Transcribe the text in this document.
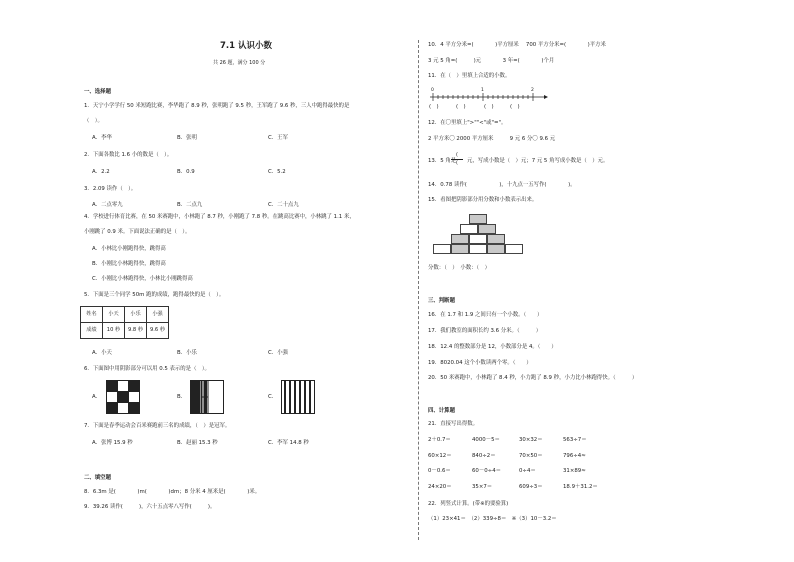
7.1 认识小数
共 26 题，满分 100 分
一、选择题
1．天宁小学学行 50 米短跑比赛，李华跑了 8.9 秒，张明跑了 9.5 秒，王军跑了 9.6 秒，三人中跑得最快的是
（　）。
A．李华	B．张明	C．王军
2．下面各数比 1.6 小的数是（　）。
A．2.2	B．0.9	C．5.2
3．2.09 读作（　）。
A．二点零九	B．二点九	C．二十点九
4．学校进行体育比赛，在 50 米赛跑中，小林跑了 8.7 秒，小刚跑了 7.8 秒。在跳高比赛中，小林跳了 1.1 米，
小刚跳了 0.9 米。下面说法正确的是（　）。
A．小林比小刚跑得快，跳得高
B．小刚比小林跑得快，跳得高
C．小刚比小林跑得快，小林比小刚跳得高
5．下面是三个同学 50m 跑的成绩，跑得最快的是（　）。
姓名	小天	小乐	小强
成绩	10 秒	9.8 秒	9.6 秒
A．小天	B．小乐	C．小强
6．下面图中用阴影部分可以用 0.5 表示的是（　）。
A．	B．	C．
7．下面是春季运动会百米赛跑前三名的成绩，（　）是冠军。
A．张博 15.9 秒	B．赵丽 15.3 秒	C．李军 14.8 秒
二、填空题
8．6.3m 是(　　　　)m(　　　　)dm；8 分米 4 厘米是(　　　　)米。
9．39.26 读作(　　　)，六十五点零八写作(　　　)。
10．4 平方分米=(　　　　)平方厘米　 700 平方分米=(　　　　)平方米
3 元 5 角=(　　　)元　　　　3 年=(　　　　)个月
11．在（　）里填上合适的小数。
0	1	2
(　)	(　)	(　)	(　)
12．在〇里填上">""<"或"="。
2 平方米〇 2000 平方厘米　　　9 元 6 分〇 9.6 元
13．5 角是
(
(	元，写成小数是（　）元；7 元 5 角写成小数是（　）元。
14．0.78 读作(　　　　　　)，十九点一五写作(　　　　)。
15．看图把阴影部分用分数和小数表示出来。
分数：（　）　小数：（　）
三、判断题
16．在 1.7 和 1.9 之间只有一个小数。（　　）
17．我们教室的面积长约 3.6 分米。（　　　）
18．12.4 的整数部分是 12，小数部分是 4。（　　）
19．8020.04 这个小数读两个零。（　　）
20．50 米赛跑中，小林跑了 8.4 秒，小力跑了 8.9 秒，小力比小林跑得快。（　　　）
四、计算题
21．直接写出得数。
2＋0.7＝	4000－5＝	30×32＝	563÷7＝
60×12＝	840÷2＝	70×50＝	796÷4≈
0－0.6＝	60－0÷4＝	0÷4＝	31×89≈
24×20＝	35×7＝	609÷3＝	18.9＋31.2＝
22．列竖式计算。(带※的要验算)
（1）23×41＝　（2）339÷8＝　※（3）10－3.2＝
